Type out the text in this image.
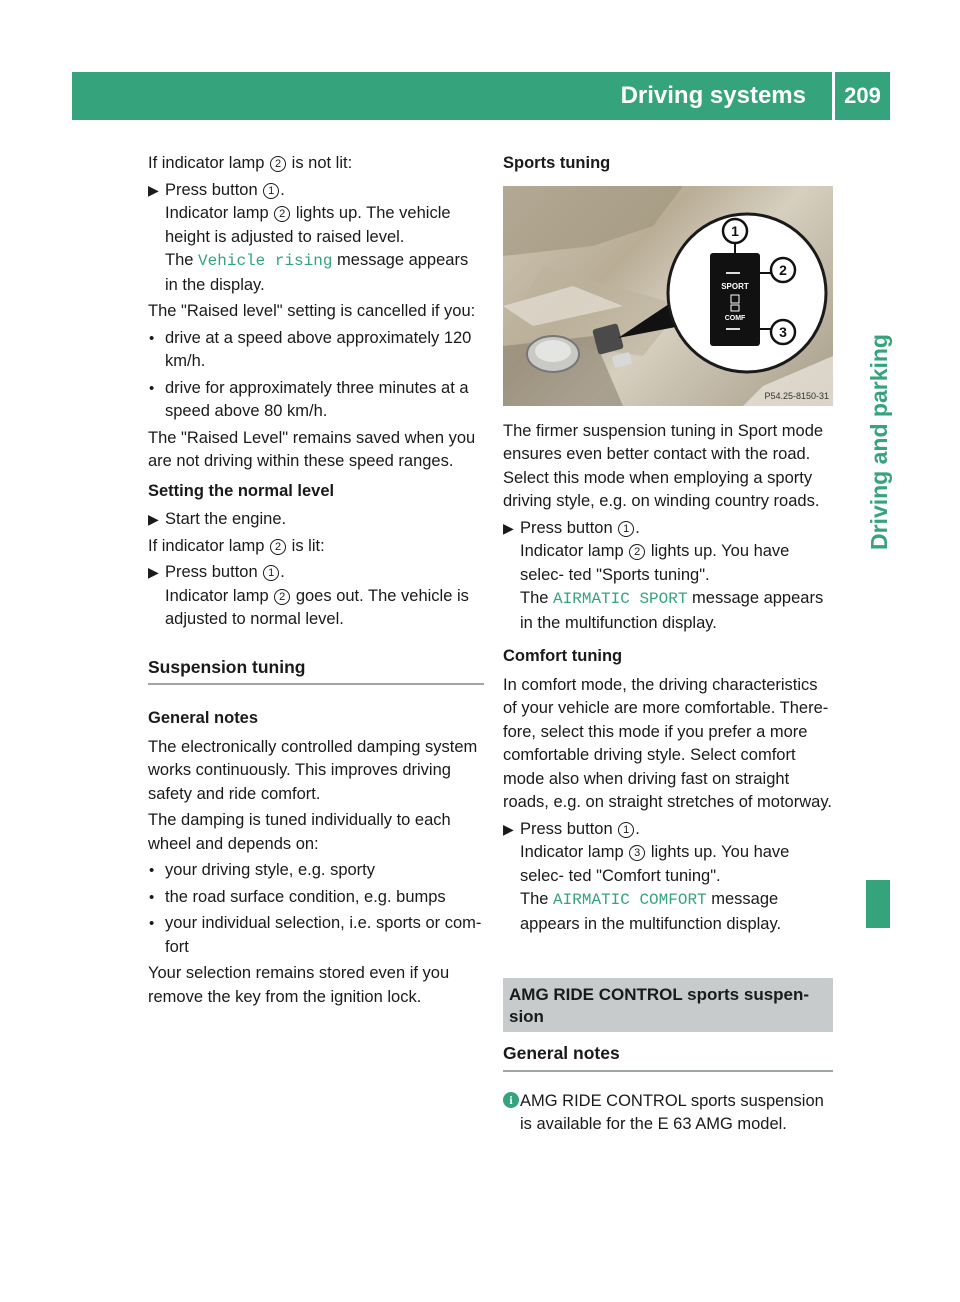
Driving systems	209
Driving and parking

If indicator lamp 2 is not lit:

▶ Press button 1 .
Indicator lamp 2 lights up. The vehicle height is adjusted to raised level.
The Vehicle rising message appears in the display.

The "Raised level" setting is cancelled if you:

• drive at a speed above approximately 120 km/h.
• drive for approximately three minutes at a speed above 80 km/h.

The "Raised Level" remains saved when you are not driving within these speed ranges.

Setting the normal level
▶ Start the engine.

If indicator lamp 2 is lit:

▶ Press button 1 .
Indicator lamp 2 goes out. The vehicle is adjusted to normal level.
Suspension tuning
General notes

The electronically controlled damping system works continuously. This improves driving safety and ride comfort.

The damping is tuned individually to each wheel and depends on:

• your driving style, e.g. sporty
• the road surface condition, e.g. bumps
• your individual selection, i.e. sports or com- fort

Your selection remains stored even if you remove the key from the ignition lock.

Sports tuning
SPORT
COMF
1
2
3
P54.25-8150-31

The firmer suspension tuning in Sport mode ensures even better contact with the road. Select this mode when employing a sporty driving style, e.g. on winding country roads.

▶ Press button 1 .
Indicator lamp 2 lights up. You have selec- ted "Sports tuning".
The AIRMATIC SPORT message appears in the multifunction display.
Comfort tuning

In comfort mode, the driving characteristics of your vehicle are more comfortable. There- fore, select this mode if you prefer a more comfortable driving style. Select comfort mode also when driving fast on straight roads, e.g. on straight stretches of motorway.

▶ Press button 1 .
Indicator lamp 3 lights up. You have selec- ted "Comfort tuning".
The AIRMATIC COMFORT message appears in the multifunction display.
AMG RIDE CONTROL sports suspen- sion
General notes
i AMG RIDE CONTROL sports suspension is available for the E 63 AMG model.
